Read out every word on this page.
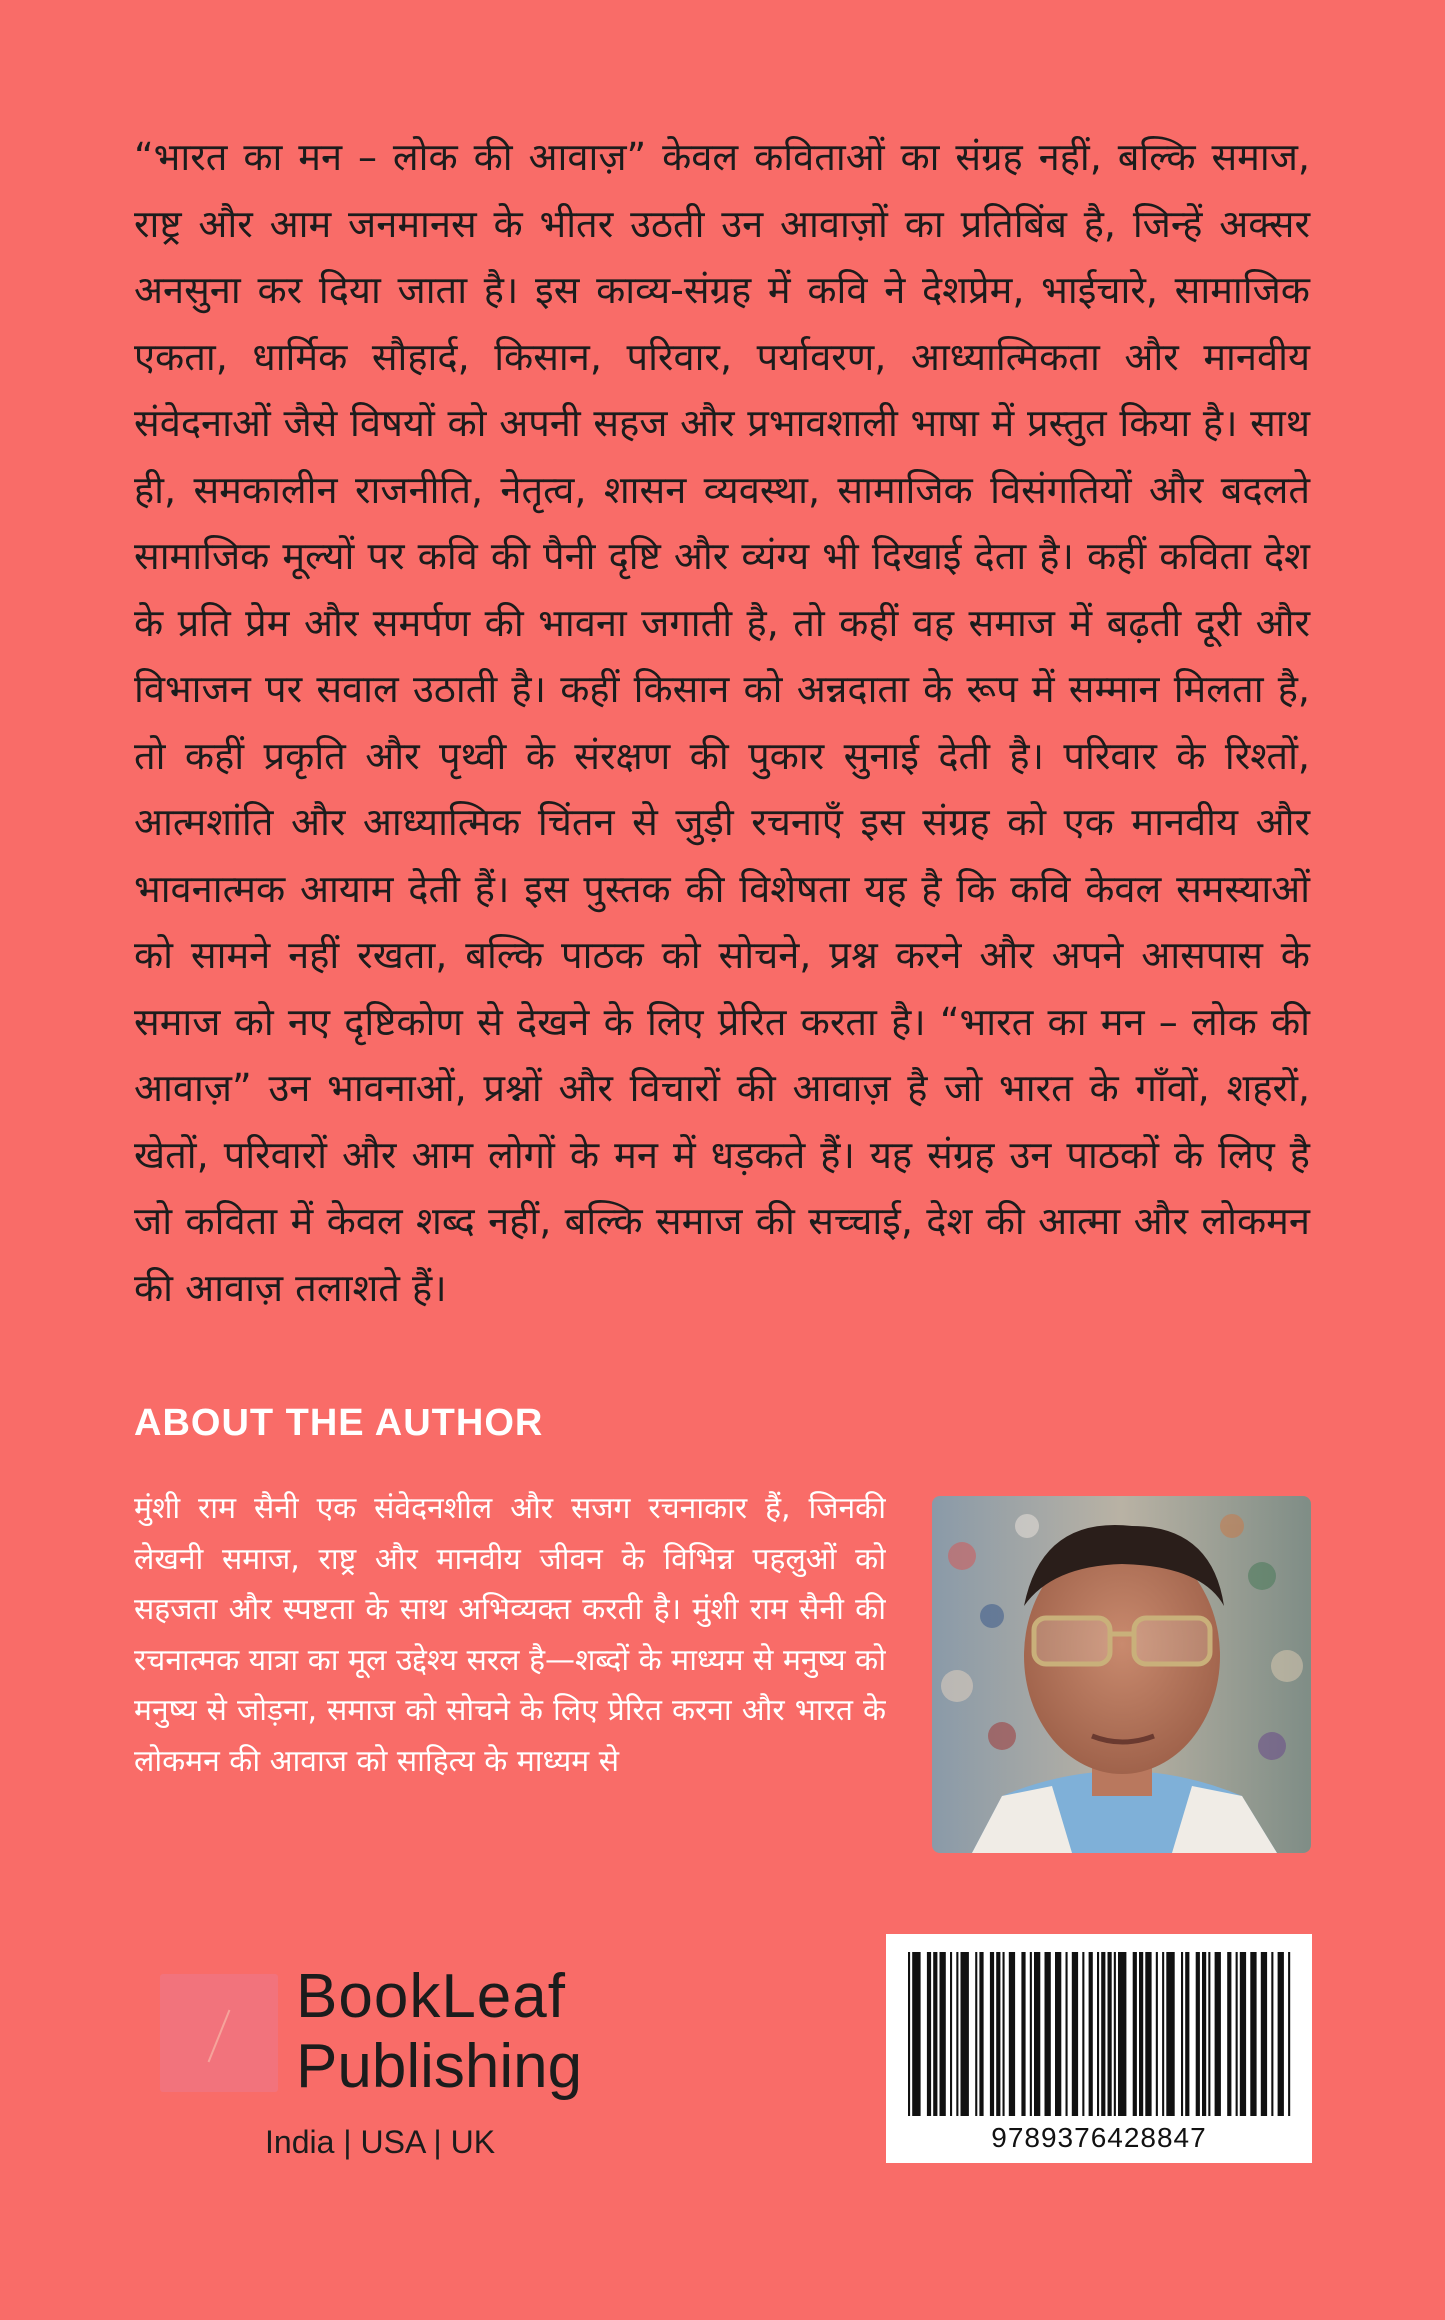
“भारत का मन – लोक की आवाज़” केवल कविताओं का संग्रह नहीं, बल्कि समाज, राष्ट्र और आम जनमानस के भीतर उठती उन आवाज़ों का प्रतिबिंब है, जिन्हें अक्सर अनसुना कर दिया जाता है। इस काव्य-संग्रह में कवि ने देशप्रेम, भाईचारे, सामाजिक एकता, धार्मिक सौहार्द, किसान, परिवार, पर्यावरण, आध्यात्मिकता और मानवीय संवेदनाओं जैसे विषयों को अपनी सहज और प्रभावशाली भाषा में प्रस्तुत किया है। साथ ही, समकालीन राजनीति, नेतृत्व, शासन व्यवस्था, सामाजिक विसंगतियों और बदलते सामाजिक मूल्यों पर कवि की पैनी दृष्टि और व्यंग्य भी दिखाई देता है। कहीं कविता देश के प्रति प्रेम और समर्पण की भावना जगाती है, तो कहीं वह समाज में बढ़ती दूरी और विभाजन पर सवाल उठाती है। कहीं किसान को अन्नदाता के रूप में सम्मान मिलता है, तो कहीं प्रकृति और पृथ्वी के संरक्षण की पुकार सुनाई देती है। परिवार के रिश्तों, आत्मशांति और आध्यात्मिक चिंतन से जुड़ी रचनाएँ इस संग्रह को एक मानवीय और भावनात्मक आयाम देती हैं। इस पुस्तक की विशेषता यह है कि कवि केवल समस्याओं को सामने नहीं रखता, बल्कि पाठक को सोचने, प्रश्न करने और अपने आसपास के समाज को नए दृष्टिकोण से देखने के लिए प्रेरित करता है। “भारत का मन – लोक की आवाज़” उन भावनाओं, प्रश्नों और विचारों की आवाज़ है जो भारत के गाँवों, शहरों, खेतों, परिवारों और आम लोगों के मन में धड़कते हैं। यह संग्रह उन पाठकों के लिए है जो कविता में केवल शब्द नहीं, बल्कि समाज की सच्चाई, देश की आत्मा और लोकमन की आवाज़ तलाशते हैं।

ABOUT THE AUTHOR

मुंशी राम सैनी एक संवेदनशील और सजग रचनाकार हैं, जिनकी लेखनी समाज, राष्ट्र और मानवीय जीवन के विभिन्न पहलुओं को सहजता और स्पष्टता के साथ अभिव्यक्त करती है। मुंशी राम सैनी की रचनात्मक यात्रा का मूल उद्देश्य सरल है—शब्दों के माध्यम से मनुष्य को मनुष्य से जोड़ना, समाज को सोचने के लिए प्रेरित करना और भारत के लोकमन की आवाज को साहित्य के माध्यम से

BookLeaf
Publishing
India | USA | UK	9789376428847
